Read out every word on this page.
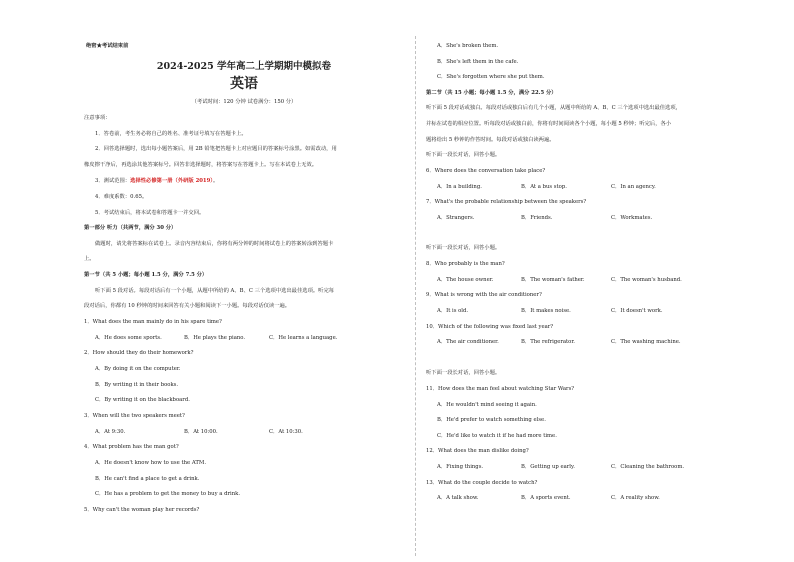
绝密★考试结束前
2024-2025 学年高二上学期期中模拟卷
英语
（考试时间：120 分钟 试卷满分：150 分）
注意事项：
1．答卷前，考生务必将自己的姓名、准考证号填写在答题卡上。
2．回答选择题时，选出每小题答案后，用 2B 铅笔把答题卡上对应题目的答案标号涂黑。如需改动，用
橡皮擦干净后，再选涂其他答案标号。回答非选择题时，将答案写在答题卡上。写在本试卷上无效。
3．测试范围：选择性必修第一册（外研版 2019）。
4．难度系数：0.65。
5．考试结束后，将本试卷和答题卡一并交回。
第一部分 听力（共两节，满分 30 分）
做题时，请先将答案标在试卷上。录音内容结束后，你将有两分钟的时间将试卷上的答案转涂到答题卡
上。
第一节（共 5 小题；每小题 1.5 分，满分 7.5 分）
听下面 5 段对话。每段对话后有一个小题，从题中所给的 A、B、C 三个选项中选出最佳选项。听完每
段对话后，你都有 10 秒钟的时间来回答有关小题和阅读下一小题。每段对话仅读一遍。
1．What does the man mainly do in his spare time?
A．He does some sports.	B．He plays the piano.	C．He learns a language.
2．How should they do their homework?
A．By doing it on the computer.
B．By writing it in their books.
C．By writing it on the blackboard.
3．When will the two speakers meet?
A．At 9:30.	B．At 10:00.	C．At 10:30.
4．What problem has the man got?
A．He doesn't know how to use the ATM.
B．He can't find a place to get a drink.
C．He has a problem to get the money to buy a drink.
5．Why can't the woman play her records?
A．She's broken them.
B．She's left them in the cafe.
C．She's forgotten where she put them.
第二节（共 15 小题；每小题 1.5 分，满分 22.5 分）
听下面 5 段对话或独白。每段对话或独白后有几个小题，从题中所给的 A、B、C 三个选项中选出最佳选项，
并标在试卷的相应位置。听每段对话或独白前，你将有时间阅读各个小题，每小题 5 秒钟；听完后，各小
题将给出 5 秒钟的作答时间。每段对话或独白读两遍。
听下面一段长对话，回答小题。
6．Where does the conversation take place?
A．In a building.	B．At a bus stop.	C．In an agency.
7．What's the probable relationship between the speakers?
A．Strangers.	B．Friends.	C．Workmates.
听下面一段长对话，回答小题。
8．Who probably is the man?
A．The house owner.	B．The woman's father.	C．The woman's husband.
9．What is wrong with the air conditioner?
A．It is old.	B．It makes noise.	C．It doesn't work.
10．Which of the following was fixed last year?
A．The air conditioner.	B．The refrigerator.	C．The washing machine.
听下面一段长对话，回答小题。
11．How does the man feel about watching Star Wars?
A．He wouldn't mind seeing it again.
B．He'd prefer to watch something else.
C．He'd like to watch it if he had more time.
12．What does the man dislike doing?
A．Fixing things.	B．Getting up early.	C．Cleaning the bathroom.
13．What do the couple decide to watch?
A．A talk show.	B．A sports event.	C．A reality show.
